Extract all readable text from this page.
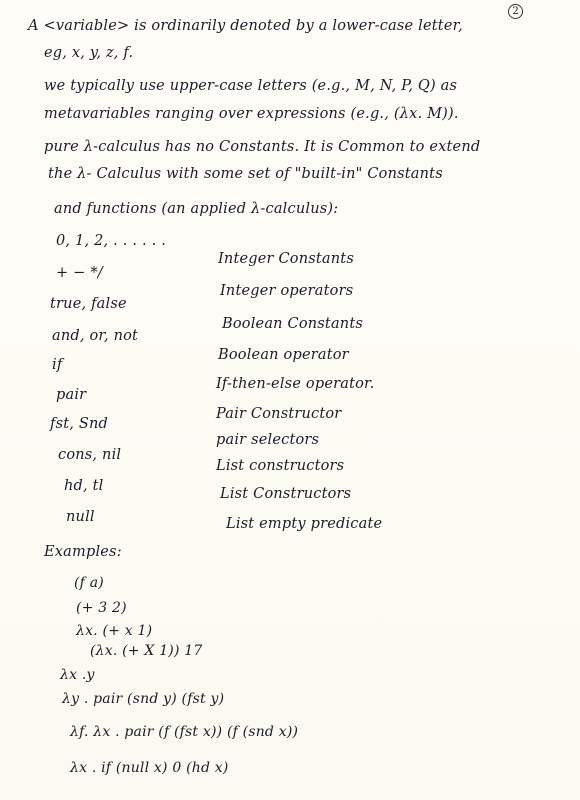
2
A <variable> is ordinarily denoted by a lower-case letter,
eg, x, y, z, f.
we typically use upper-case letters (e.g., M, N, P, Q) as
metavariables ranging over expressions (e.g., (λx. M)).
pure λ-calculus has no Constants. It is Common to extend
the λ- Calculus with some set of "built-in" Constants
and functions (an applied λ-calculus):
0, 1, 2, . . . . . .
Integer Constants
+ − */
Integer operators
true, false
Boolean Constants
and, or, not
Boolean operator
if
If-then-else operator.
pair
Pair Constructor
fst, Snd
pair selectors
cons, nil
List constructors
hd, tl	List Constructors
null	List empty predicate
Examples:
(f a)
(+ 3 2)
λx. (+ x 1)
(λx. (+ X 1)) 17
λx .y
λy . pair (snd y) (fst y)
λf. λx . pair (f (fst x)) (f (snd x))
λx . if (null x) 0 (hd x)
